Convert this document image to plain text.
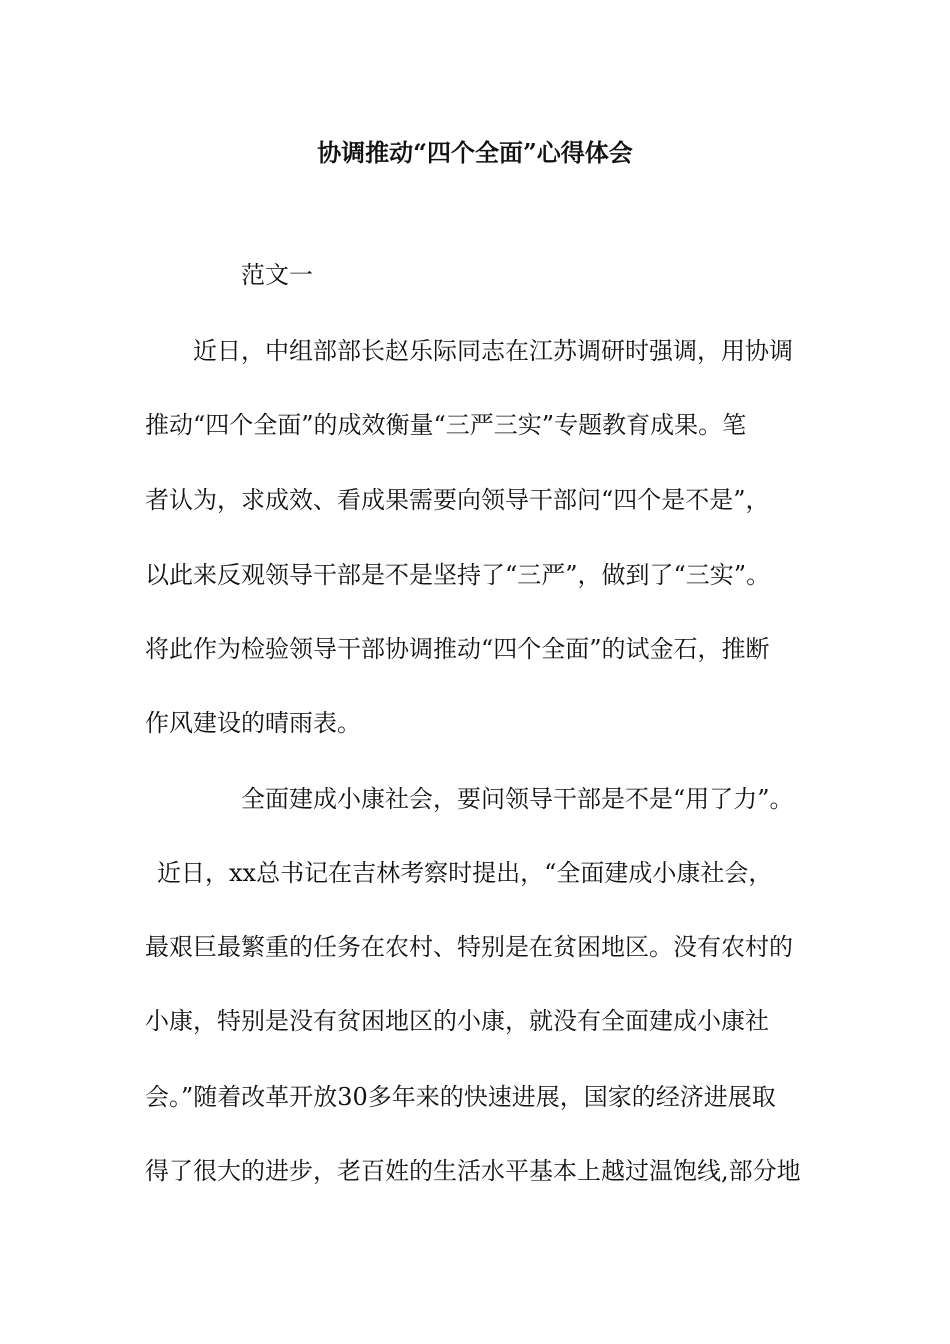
协调推动“四个全面”心得体会
范文一
近日，中组部部长赵乐际同志在江苏调研时强调，用协调
推动“四个全面”的成效衡量“三严三实”专题教育成果。笔
者认为，求成效、看成果需要向领导干部问“四个是不是”，
以此来反观领导干部是不是坚持了“三严”，做到了“三实”。
将此作为检验领导干部协调推动“四个全面”的试金石，推断
作风建设的晴雨表。
全面建成小康社会，要问领导干部是不是“用了力”。
近日，xx总书记在吉林考察时提出，“全面建成小康社会，
最艰巨最繁重的任务在农村、特别是在贫困地区。没有农村的
小康，特别是没有贫困地区的小康，就没有全面建成小康社
会。”随着改革开放30多年来的快速进展，国家的经济进展取
得了很大的进步，老百姓的生活水平基本上越过温饱线,部分地
